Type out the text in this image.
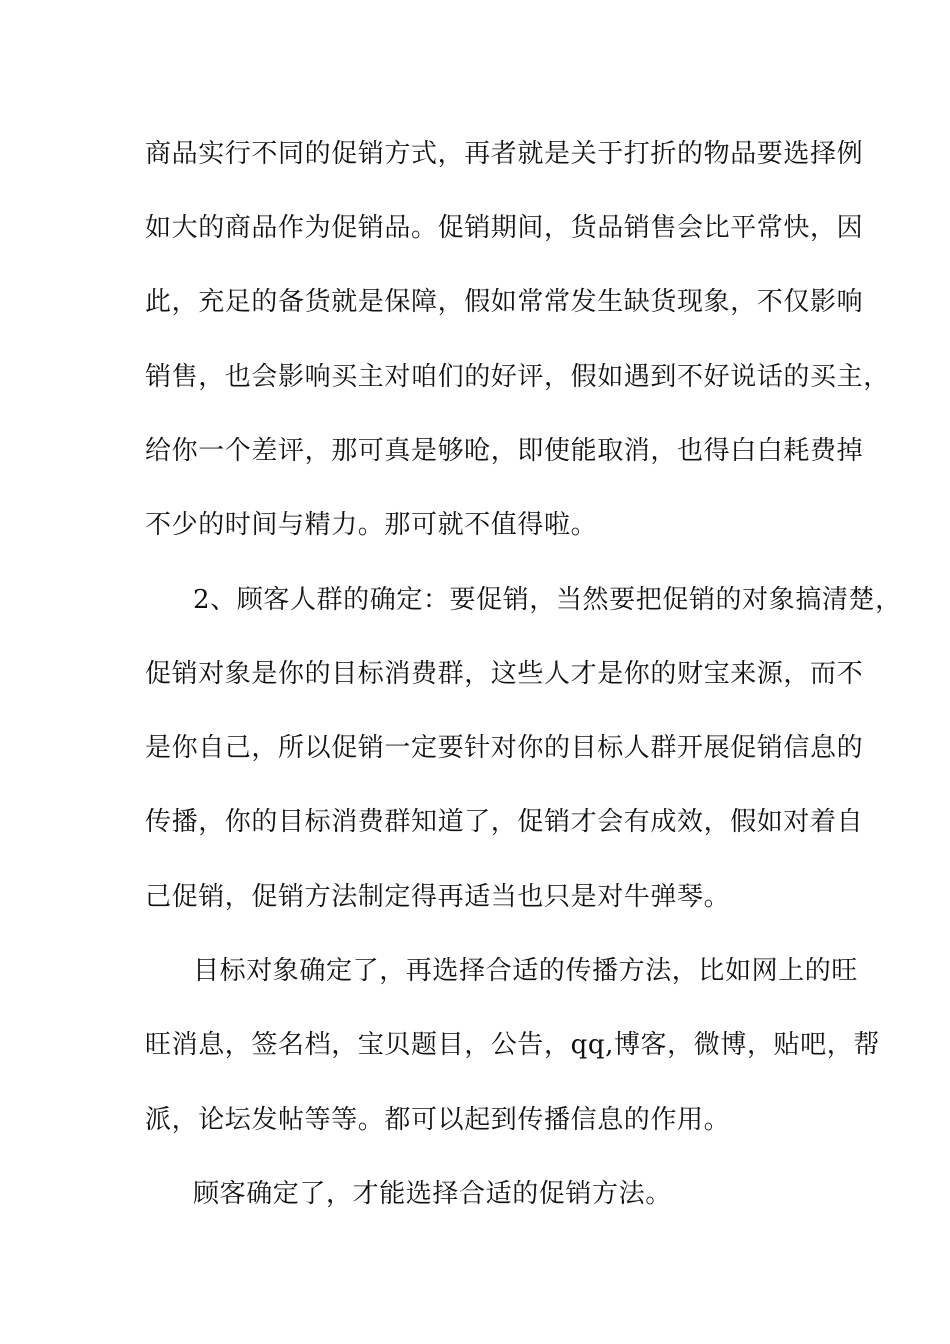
商品实行不同的促销方式，再者就是关于打折的物品要选择例
如大的商品作为促销品。促销期间，货品销售会比平常快，因
此，充足的备货就是保障，假如常常发生缺货现象，不仅影响
销售，也会影响买主对咱们的好评，假如遇到不好说话的买主，
给你一个差评，那可真是够呛，即使能取消，也得白白耗费掉
不少的时间与精力。那可就不值得啦。
2、顾客人群的确定：要促销，当然要把促销的对象搞清楚，
促销对象是你的目标消费群，这些人才是你的财宝来源，而不
是你自己，所以促销一定要针对你的目标人群开展促销信息的
传播，你的目标消费群知道了，促销才会有成效，假如对着自
己促销，促销方法制定得再适当也只是对牛弹琴。
目标对象确定了，再选择合适的传播方法，比如网上的旺
旺消息，签名档，宝贝题目，公告，qq,博客，微博，贴吧，帮
派，论坛发帖等等。都可以起到传播信息的作用。
顾客确定了，才能选择合适的促销方法。
